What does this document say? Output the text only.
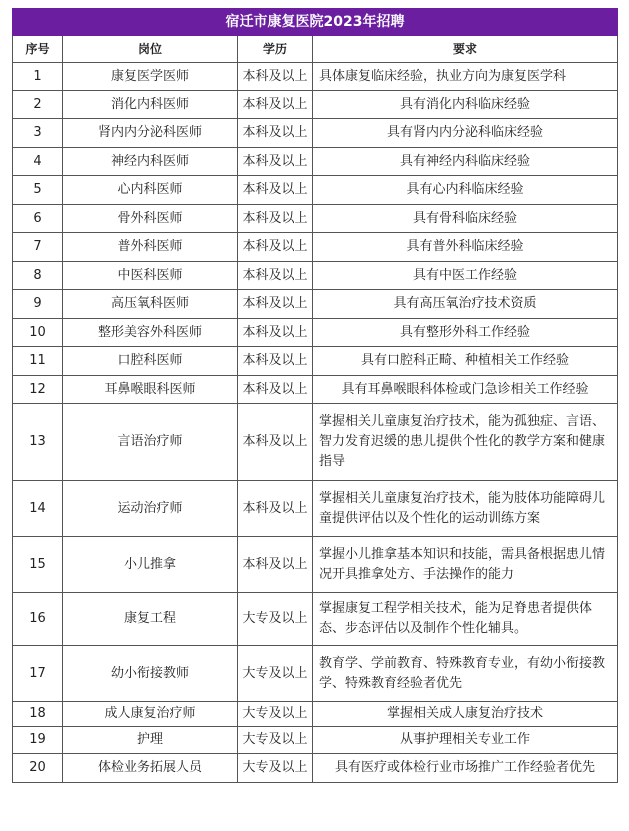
宿迁市康复医院2023年招聘			
序号	岗位	学历	要求
1	康复医学医师	本科及以上	具体康复临床经验，执业方向为康复医学科
2	消化内科医师	本科及以上	具有消化内科临床经验
3	肾内内分泌科医师	本科及以上	具有肾内内分泌科临床经验
4	神经内科医师	本科及以上	具有神经内科临床经验
5	心内科医师	本科及以上	具有心内科临床经验
6	骨外科医师	本科及以上	具有骨科临床经验
7	普外科医师	本科及以上	具有普外科临床经验
8	中医科医师	本科及以上	具有中医工作经验
9	高压氧科医师	本科及以上	具有高压氧治疗技术资质
10	整形美容外科医师	本科及以上	具有整形外科工作经验
11	口腔科医师	本科及以上	具有口腔科正畸、种植相关工作经验
12	耳鼻喉眼科医师	本科及以上	具有耳鼻喉眼科体检或门急诊相关工作经验
13	言语治疗师	本科及以上	掌握相关儿童康复治疗技术，能为孤独症、言语、智力发育迟缓的患儿提供个性化的教学方案和健康指导
14	运动治疗师	本科及以上	掌握相关儿童康复治疗技术，能为肢体功能障碍儿童提供评估以及个性化的运动训练方案
15	小儿推拿	本科及以上	掌握小儿推拿基本知识和技能，需具备根据患儿情况开具推拿处方、手法操作的能力
16	康复工程	大专及以上	掌握康复工程学相关技术，能为足脊患者提供体态、步态评估以及制作个性化辅具。
17	幼小衔接教师	大专及以上	教育学、学前教育、特殊教育专业，有幼小衔接教学、特殊教育经验者优先
18	成人康复治疗师	大专及以上	掌握相关成人康复治疗技术
19	护理	大专及以上	从事护理相关专业工作
20	体检业务拓展人员	大专及以上	具有医疗或体检行业市场推广工作经验者优先
